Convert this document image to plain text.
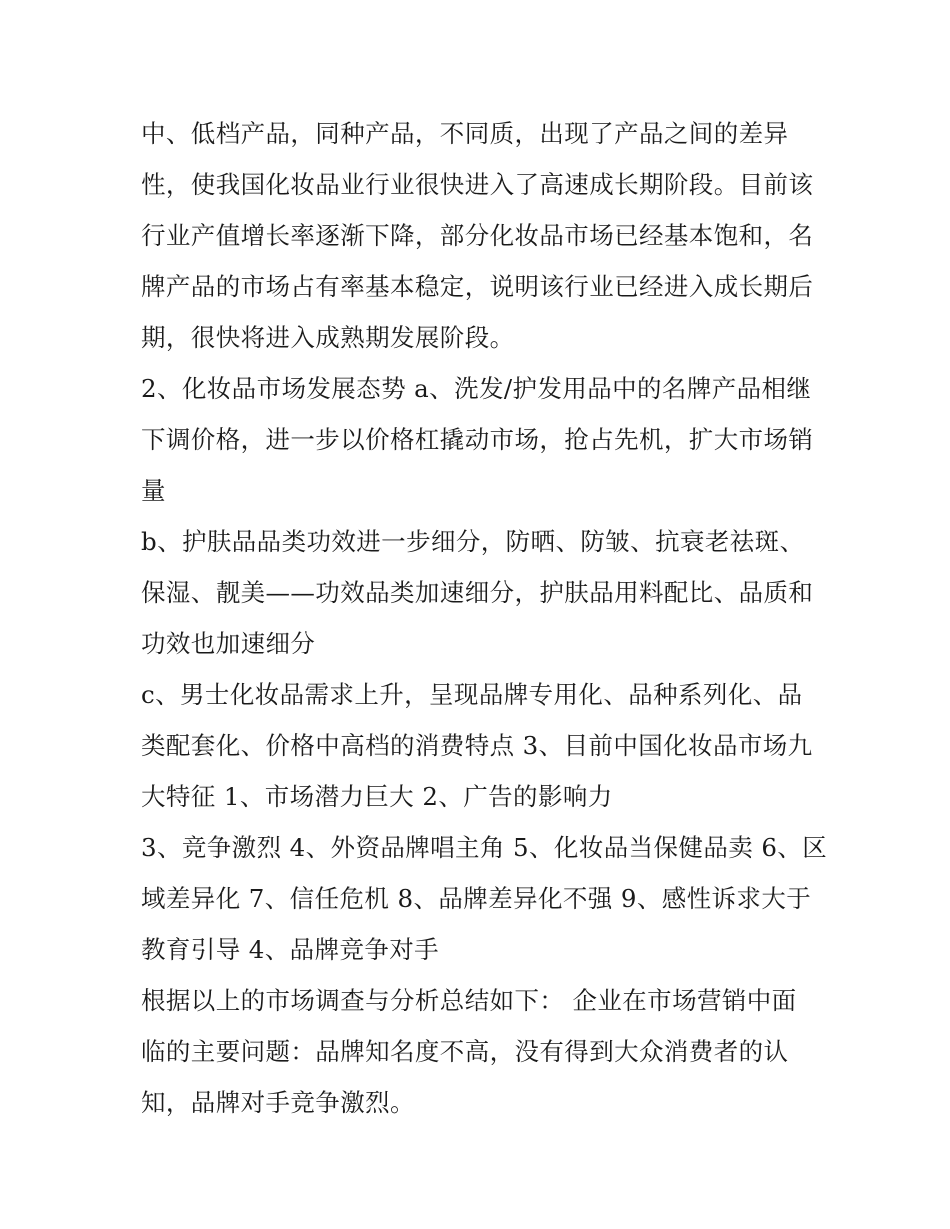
中、低档产品，同种产品，不同质，出现了产品之间的差异
性，使我国化妆品业行业很快进入了高速成长期阶段。目前该
行业产值增长率逐渐下降，部分化妆品市场已经基本饱和，名
牌产品的市场占有率基本稳定，说明该行业已经进入成长期后
期，很快将进入成熟期发展阶段。

2、化妆品市场发展态势 a、洗发/护发用品中的名牌产品相继
下调价格，进一步以价格杠撬动市场，抢占先机，扩大市场销
量

b、护肤品品类功效进一步细分，防晒、防皱、抗衰老祛斑、
保湿、靓美——功效品类加速细分，护肤品用料配比、品质和
功效也加速细分

c、男士化妆品需求上升，呈现品牌专用化、品种系列化、品
类配套化、价格中高档的消费特点 3、目前中国化妆品市场九
大特征 1、市场潜力巨大 2、广告的影响力

3、竞争激烈 4、外资品牌唱主角 5、化妆品当保健品卖 6、区
域差异化 7、信任危机 8、品牌差异化不强 9、感性诉求大于
教育引导 4、品牌竞争对手

根据以上的市场调查与分析总结如下： 企业在市场营销中面
临的主要问题：品牌知名度不高，没有得到大众消费者的认
知，品牌对手竞争激烈。
